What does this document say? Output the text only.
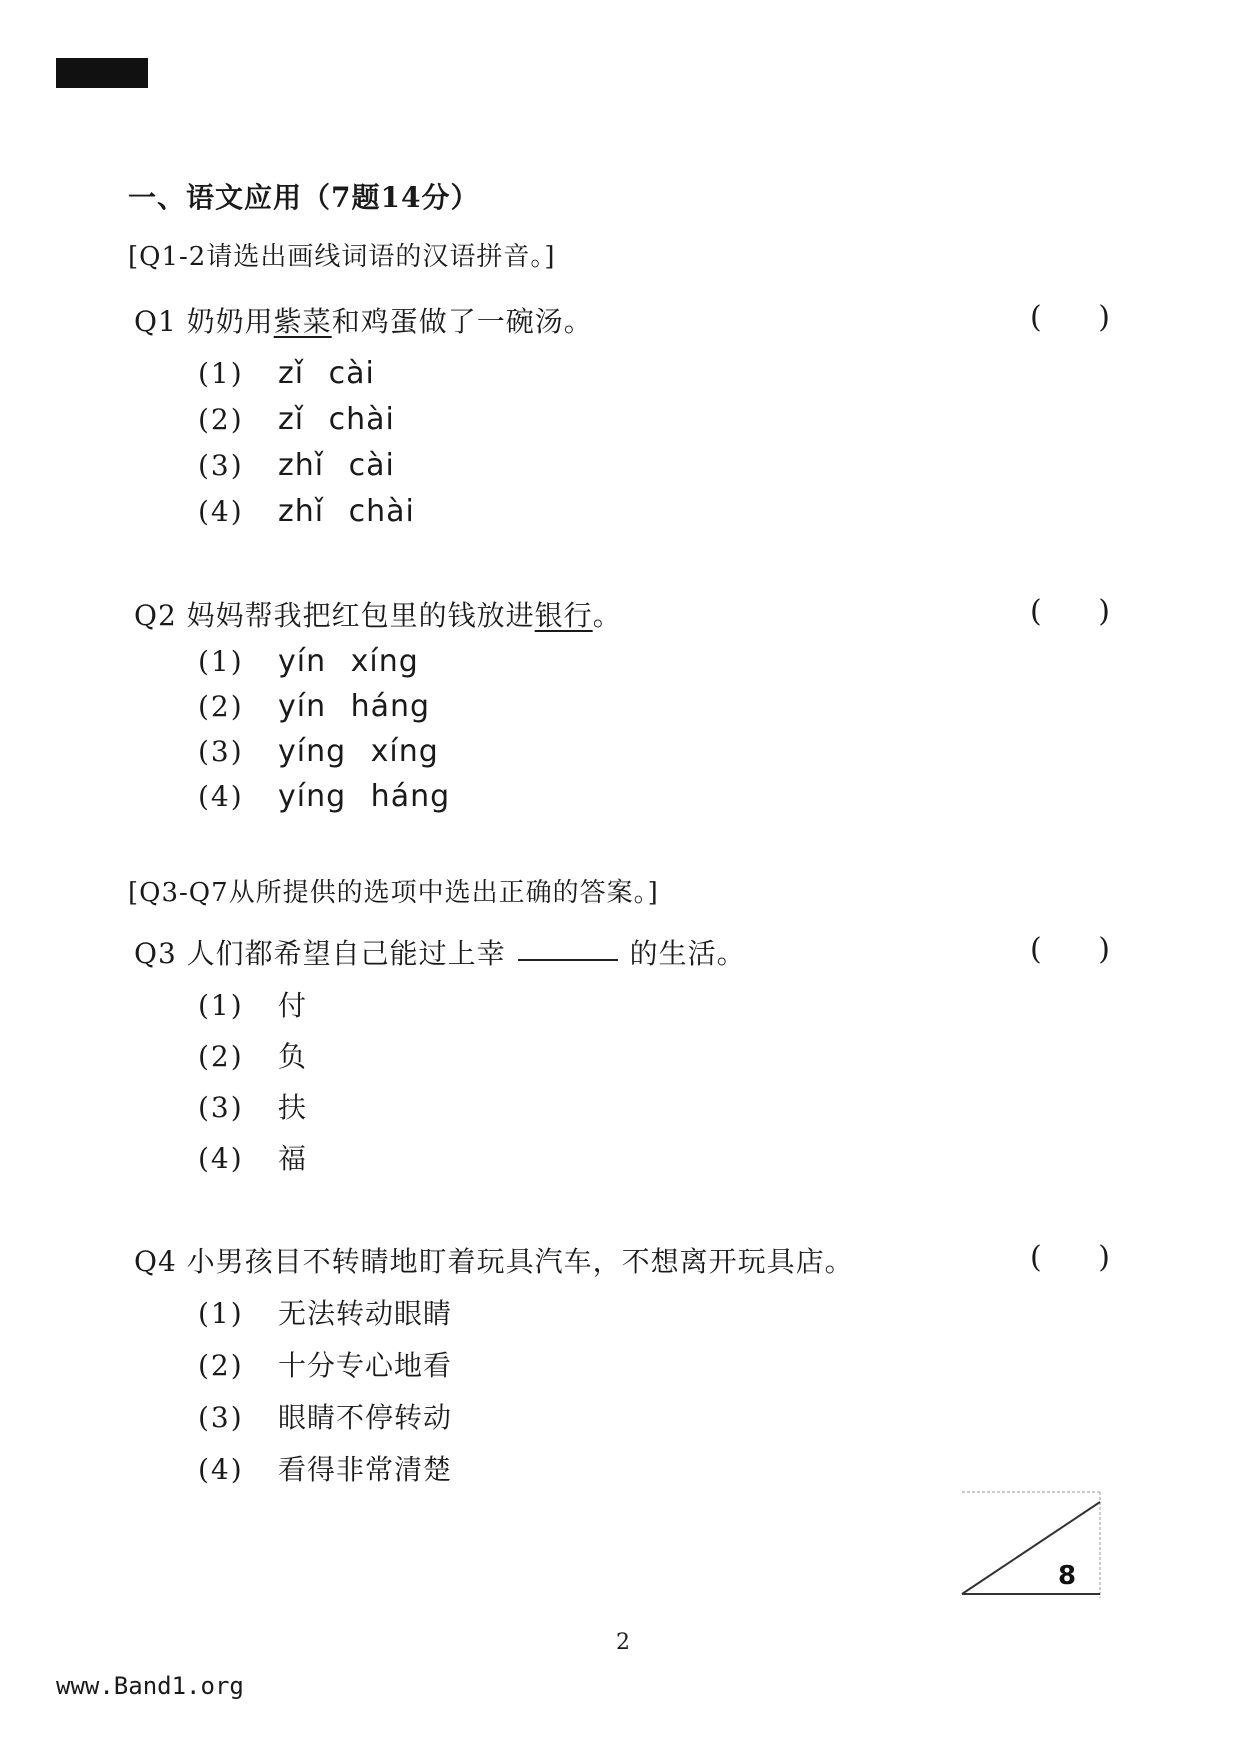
一、语文应用（7题14分）
[Q1-2请选出画线词语的汉语拼音。]
Q1 奶奶用紫菜和鸡蛋做了一碗汤。	( )
(1)	zǐ cài
(2)	zǐ chài
(3)	zhǐ cài
(4)	zhǐ chài
Q2 妈妈帮我把红包里的钱放进银行。	( )
(1)	yín xíng
(2)	yín háng
(3)	yíng xíng
(4)	yíng háng
[Q3-Q7从所提供的选项中选出正确的答案。]
Q3 人们都希望自己能过上幸	的生活。	( )
(1)	付
(2)	负
(3)	扶
(4)	福
Q4 小男孩目不转睛地盯着玩具汽车，不想离开玩具店。	( )
(1)	无法转动眼睛
(2)	十分专心地看
(3)	眼睛不停转动
(4)	看得非常清楚
8
2
www.Band1.org
